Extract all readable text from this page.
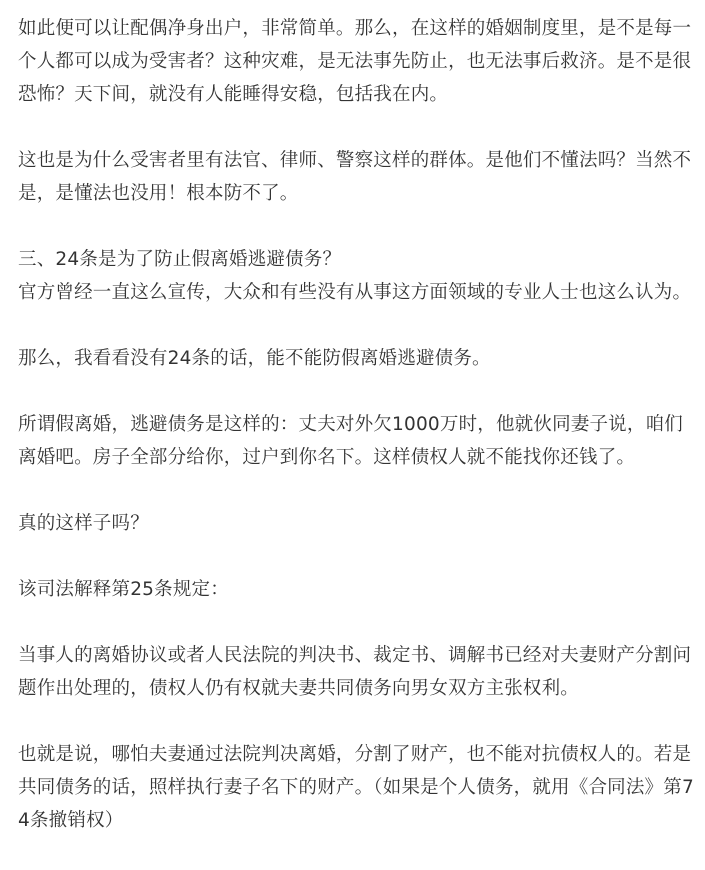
如此便可以让配偶净身出户，非常简单。那么，在这样的婚姻制度里，是不是每一个人都可以成为受害者？这种灾难，是无法事先防止，也无法事后救济。是不是很恐怖？天下间，就没有人能睡得安稳，包括我在内。

这也是为什么受害者里有法官、律师、警察这样的群体。是他们不懂法吗？当然不是，是懂法也没用！根本防不了。

三、24条是为了防止假离婚逃避债务？

官方曾经一直这么宣传，大众和有些没有从事这方面领域的专业人士也这么认为。

那么，我看看没有24条的话，能不能防假离婚逃避债务。

所谓假离婚，逃避债务是这样的：丈夫对外欠1000万时，他就伙同妻子说，咱们离婚吧。房子全部分给你，过户到你名下。这样债权人就不能找你还钱了。

真的这样子吗？

该司法解释第25条规定：

当事人的离婚协议或者人民法院的判决书、裁定书、调解书已经对夫妻财产分割问题作出处理的，债权人仍有权就夫妻共同债务向男女双方主张权利。

也就是说，哪怕夫妻通过法院判决离婚，分割了财产，也不能对抗债权人的。若是共同债务的话，照样执行妻子名下的财产。（如果是个人债务，就用《合同法》第74条撤销权）
